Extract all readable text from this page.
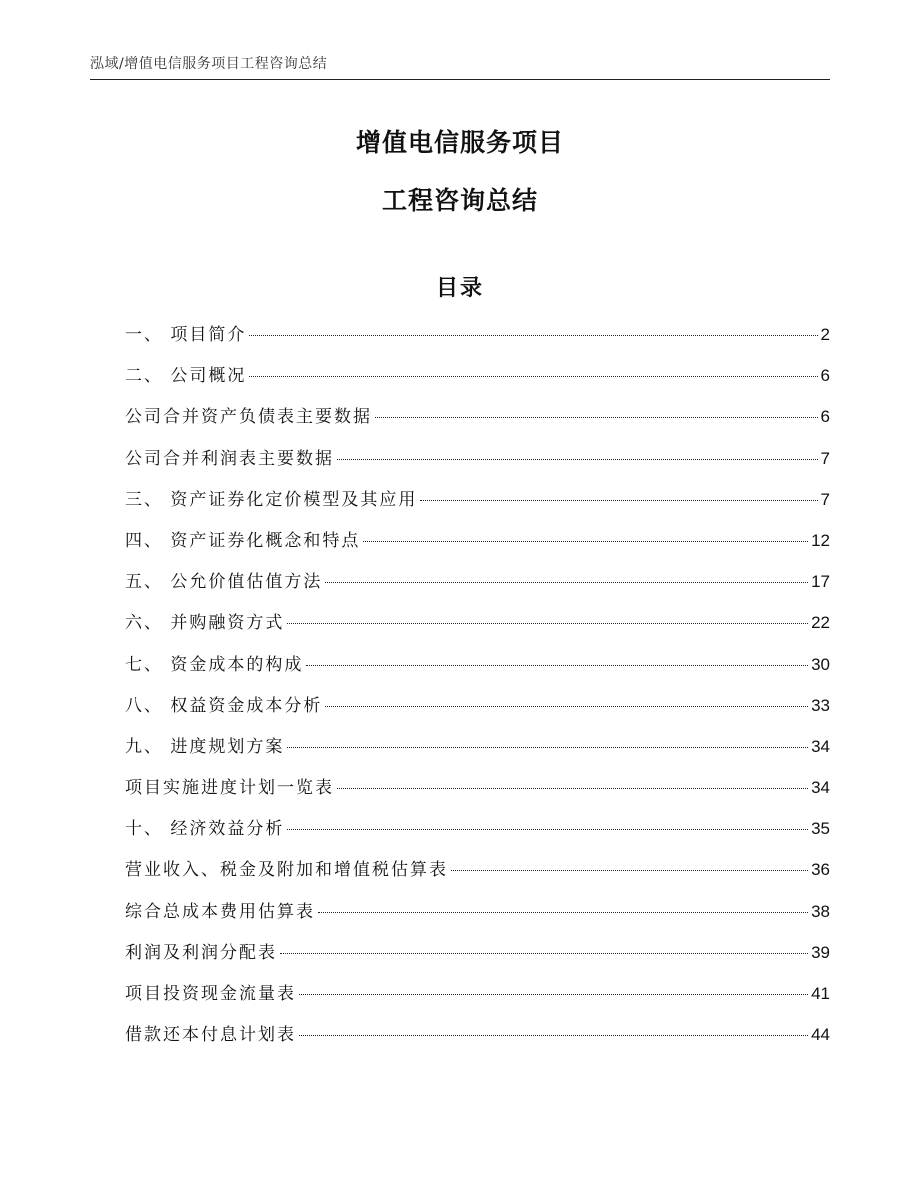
泓域/增值电信服务项目工程咨询总结
增值电信服务项目
工程咨询总结
目录
一、 项目简介	2
二、 公司概况	6
公司合并资产负债表主要数据	6
公司合并利润表主要数据	7
三、 资产证券化定价模型及其应用	7
四、 资产证券化概念和特点	12
五、 公允价值估值方法	17
六、 并购融资方式	22
七、 资金成本的构成	30
八、 权益资金成本分析	33
九、 进度规划方案	34
项目实施进度计划一览表	34
十、 经济效益分析	35
营业收入、税金及附加和增值税估算表	36
综合总成本费用估算表	38
利润及利润分配表	39
项目投资现金流量表	41
借款还本付息计划表	44
